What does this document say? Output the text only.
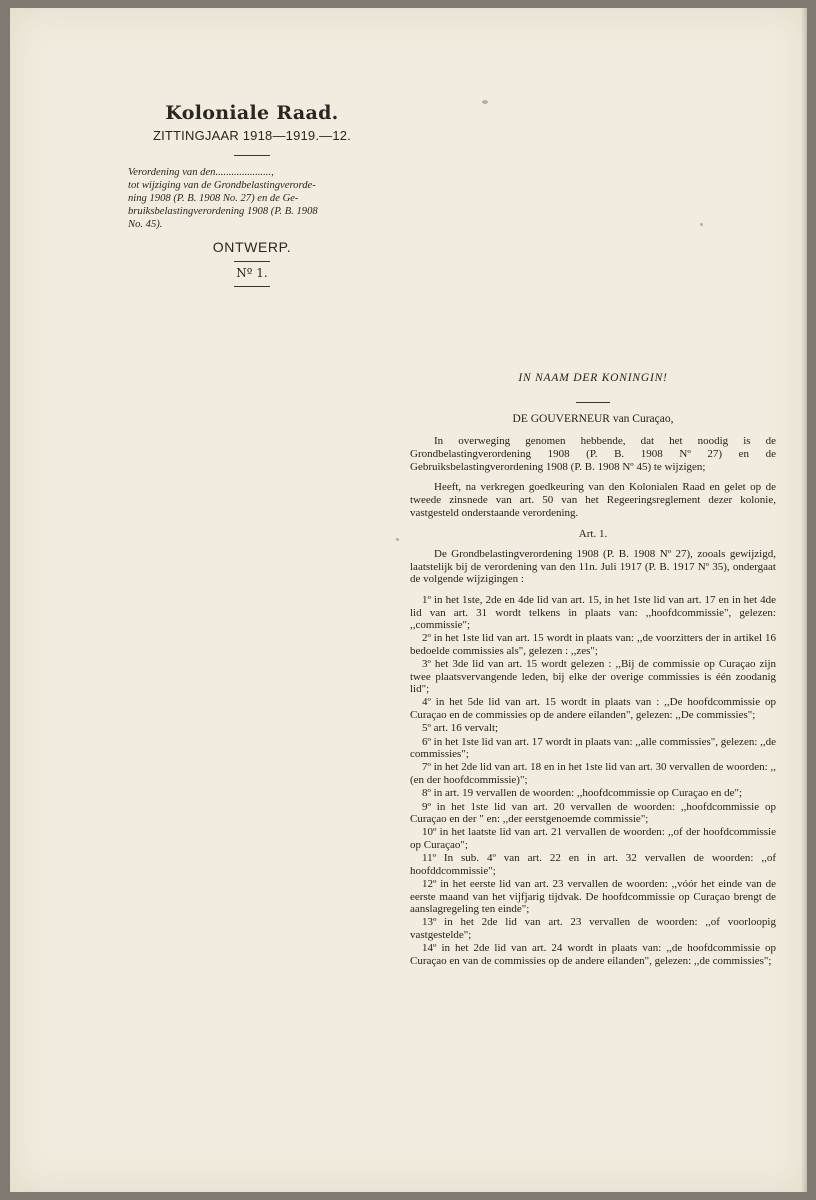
Koloniale Raad.
ZITTINGJAAR 1918—1919.—12.

Verordening van den.....................,

tot wijziging van de Grondbelastingverorde-

ning 1908 (P. B. 1908 No. 27) en de Ge-

bruiksbelastingverordening 1908 (P. B. 1908

No. 45).

ONTWERP.
Nº 1.
IN NAAM DER KONINGIN!
DE GOUVERNEUR van Curaçao,

In overweging genomen hebbende, dat het noodig is de Grondbelastingverordening 1908 (P. B. 1908 Nº 27) en de Gebruiksbelastingverordening 1908 (P. B. 1908 Nº 45) te wijzigen;

Heeft, na verkregen goedkeuring van den Kolonialen Raad en gelet op de tweede zinsnede van art. 50 van het Regeeringsreglement dezer kolonie, vastgesteld onderstaande verordening.

Art. 1.

De Grondbelastingverordening 1908 (P. B. 1908 Nº 27), zooals gewijzigd, laatstelijk bij de verordening van den 11n. Juli 1917 (P. B. 1917 Nº 35), ondergaat de volgende wijzigingen :

1º in het 1ste, 2de en 4de lid van art. 15, in het 1ste lid van art. 17 en in het 4de lid van art. 31 wordt telkens in plaats van: ,,hoofdcommissie", gelezen: ,,commissie";

2º in het 1ste lid van art. 15 wordt in plaats van: ,,de voorzitters der in artikel 16 bedoelde commissies als", gelezen : ,,zes";

3º het 3de lid van art. 15 wordt gelezen : ,,Bij de commissie op Curaçao zijn twee plaatsvervangende leden, bij elke der overige commissies is één zoodanig lid";

4º in het 5de lid van art. 15 wordt in plaats van : ,,De hoofdcommissie op Curaçao en de commissies op de andere eilanden", gelezen: ,,De commissies";

5º art. 16 vervalt;

6º in het 1ste lid van art. 17 wordt in plaats van: ,,alle commissies", gelezen: ,,de commissies";

7º in het 2de lid van art. 18 en in het 1ste lid van art. 30 vervallen de woorden: ,,(en der hoofdcommissie)";

8º in art. 19 vervallen de woorden: ,,hoofdcommissie op Curaçao en de";

9º in het 1ste lid van art. 20 vervallen de woorden: ,,hoofdcommissie op Curaçao en der " en: ,,der eerstgenoemde commissie";

10º in het laatste lid van art. 21 vervallen de woorden: ,,of der hoofdcommissie op Curaçao";

11º In sub. 4º van art. 22 en in art. 32 vervallen de woorden: ,,of hoofddcommissie";

12º in het eerste lid van art. 23 vervallen de woorden: ,,vóór het einde van de eerste maand van het vijfjarig tijdvak. De hoofdcommissie op Curaçao brengt de aanslagregeling ten einde";

13º in het 2de lid van art. 23 vervallen de woorden: ,,of voorloopig vastgestelde";

14º in het 2de lid van art. 24 wordt in plaats van: ,,de hoofdcommissie op Curaçao en van de commissies op de andere eilanden", gelezen: ,,de commissies";
